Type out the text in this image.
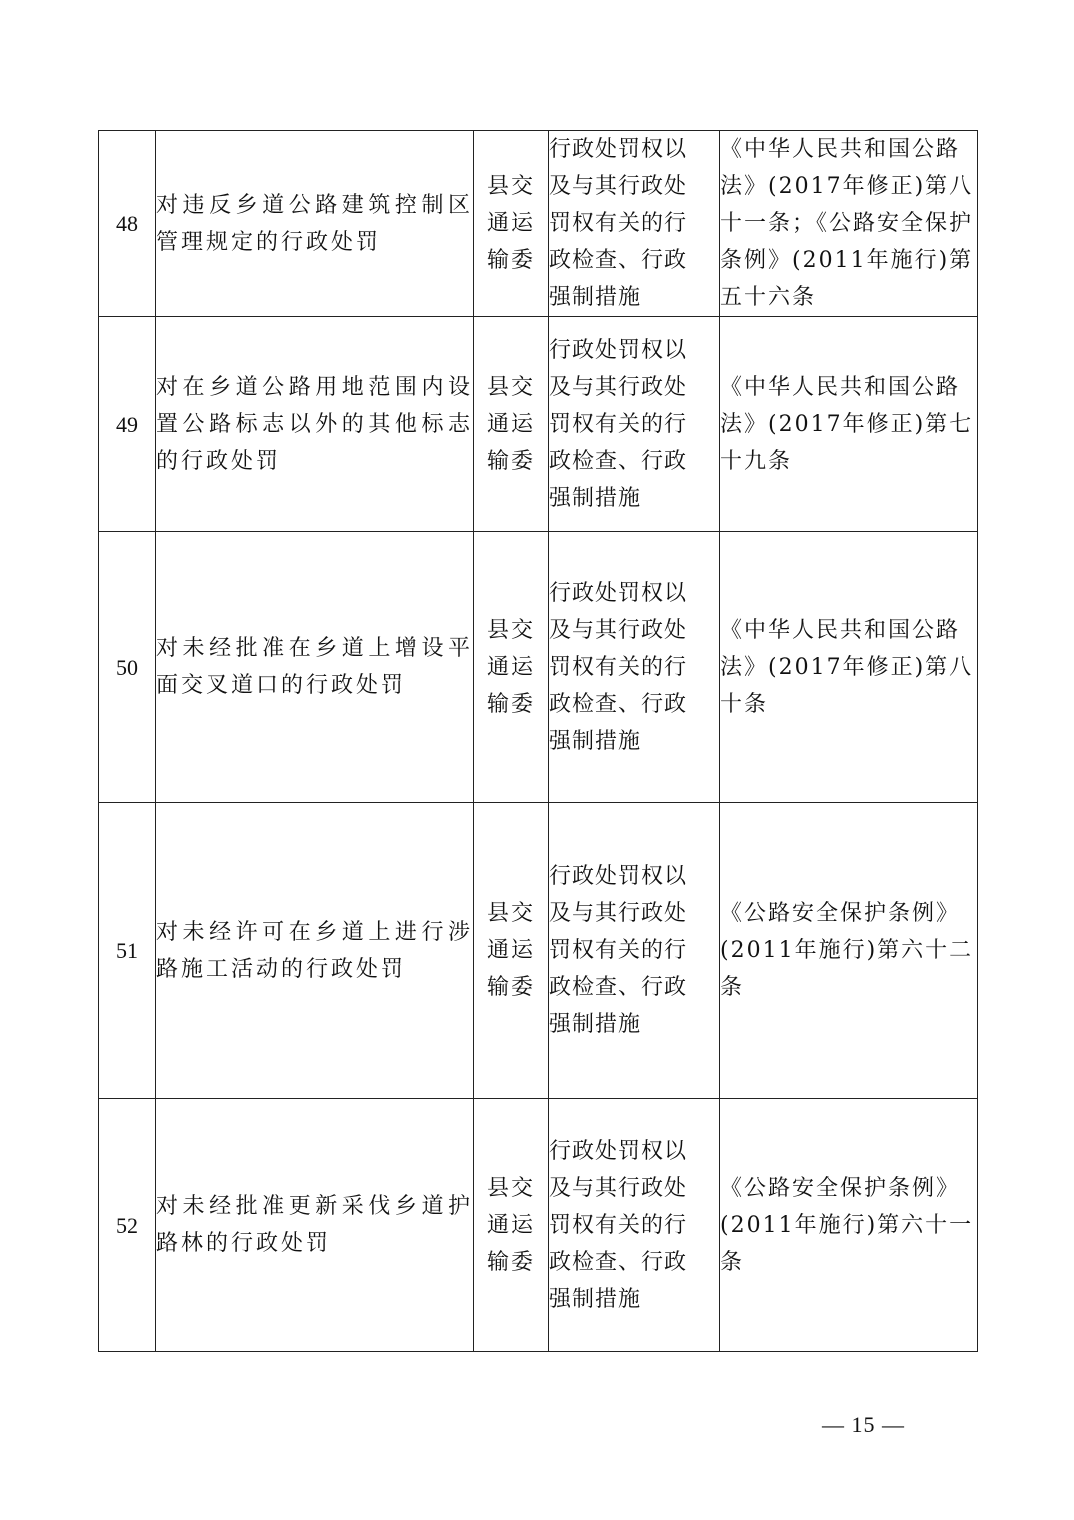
48	对违反乡道公路建筑控制区管理规定的行政处罚	县交
通运
输委	行政处罚权以
及与其行政处
罚权有关的行
政检查、行政
强制措施	《中华人民共和国公路法》(2017年修正)第八十一条；《公路安全保护条例》(2011年施行)第五十六条
49	对在乡道公路用地范围内设置公路标志以外的其他标志的行政处罚	县交
通运
输委	行政处罚权以
及与其行政处
罚权有关的行
政检查、行政
强制措施	《中华人民共和国公路法》(2017年修正)第七十九条
50	对未经批准在乡道上增设平面交叉道口的行政处罚	县交
通运
输委	行政处罚权以
及与其行政处
罚权有关的行
政检查、行政
强制措施	《中华人民共和国公路法》(2017年修正)第八十条
51	对未经许可在乡道上进行涉路施工活动的行政处罚	县交
通运
输委	行政处罚权以
及与其行政处
罚权有关的行
政检查、行政
强制措施	《公路安全保护条例》(2011年施行)第六十二条
52	对未经批准更新采伐乡道护路林的行政处罚	县交
通运
输委	行政处罚权以
及与其行政处
罚权有关的行
政检查、行政
强制措施	《公路安全保护条例》(2011年施行)第六十一条
— 15 —
